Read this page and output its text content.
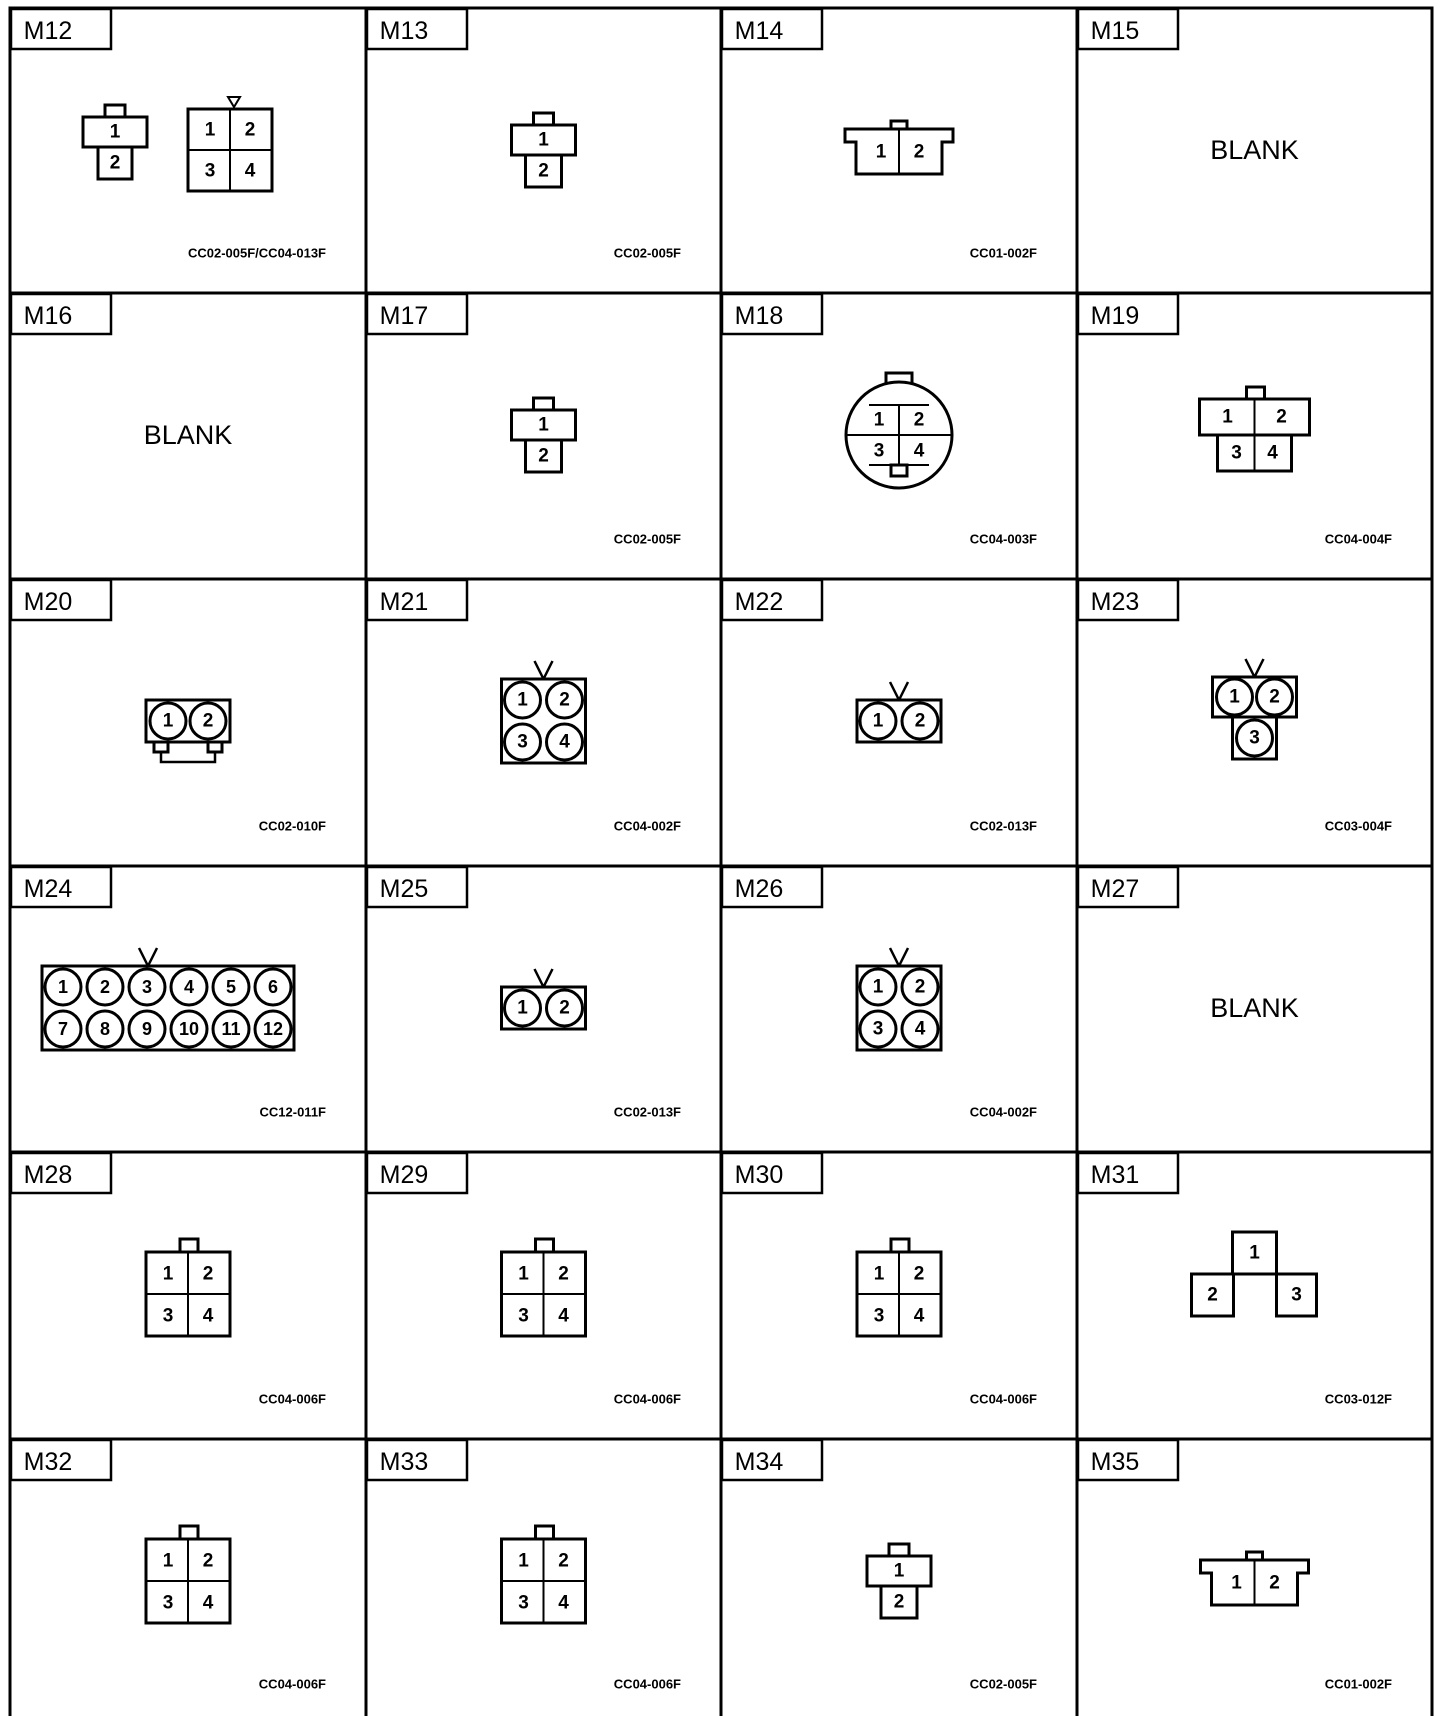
M12
1
2
1 2
3 4
CC02-005F/CC04-013F
M13
1
2
CC02-005F
M14
1 2
CC01-002F
M15
BLANK
M16
BLANK
M17
1
2
CC02-005F
M18
1 2
3 4
CC04-003F
M19
1 2
3 4
CC04-004F
M20
1 2
CC02-010F
M21
1 2
3 4
CC04-002F
M22
1 2
CC02-013F
M23
1 2
3
CC03-004F
M24
1 2 3 4 5 6
7 8 9 10 11 12
CC12-011F
M25
1 2
CC02-013F
M26
1 2
3 4
CC04-002F
M27
BLANK
M28
1 2
3 4
CC04-006F
M29
1 2
3 4
CC04-006F
M30
1 2
3 4
CC04-006F
M31
1
2	3
CC03-012F
M32
1 2
3 4
CC04-006F
M33
1 2
3 4
CC04-006F
M34
1
2
CC02-005F
M35
1 2
CC01-002F
